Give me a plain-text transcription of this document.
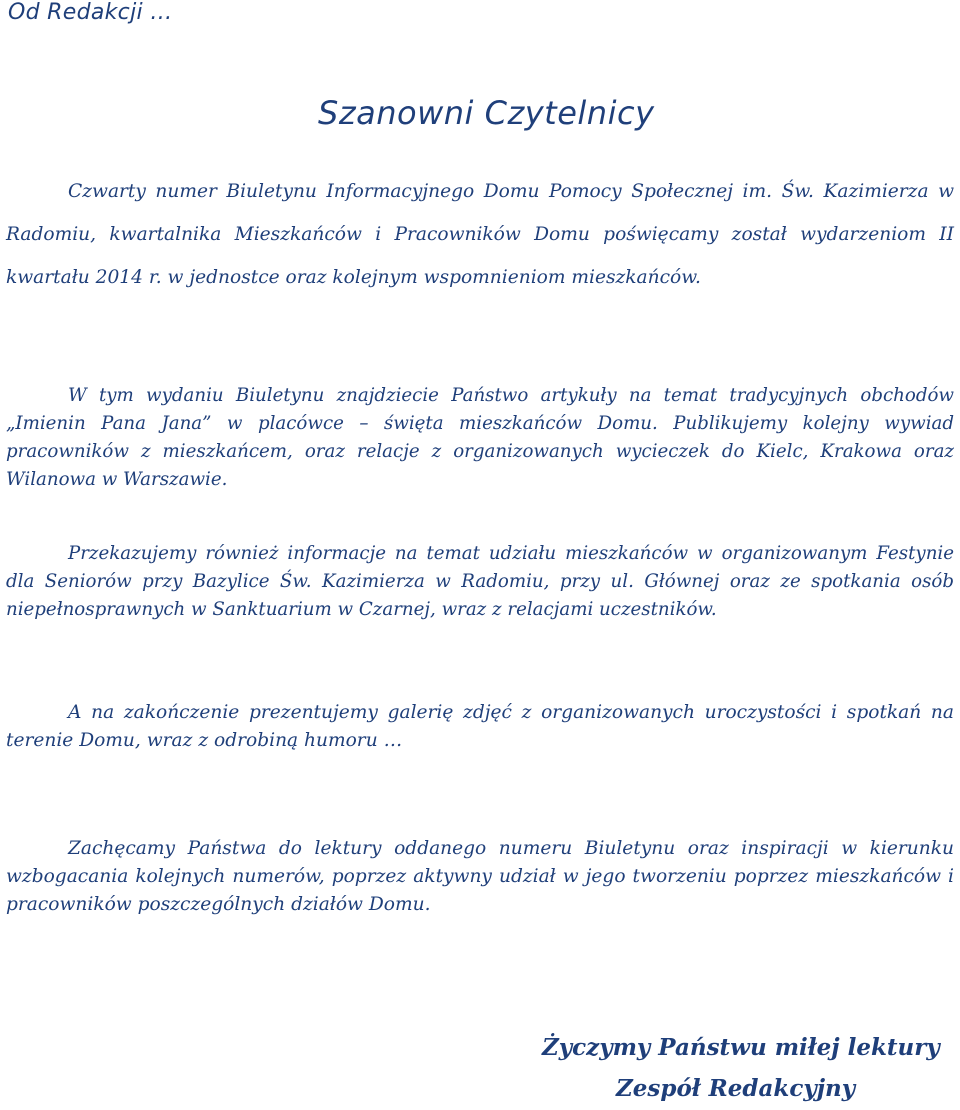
Od Redakcji …
Szanowni Czytelnicy

Czwarty numer Biuletynu Informacyjnego Domu Pomocy Społecznej im. Św. Kazimierza w Radomiu, kwartalnika Mieszkańców i Pracowników Domu poświęcamy został wydarzeniom II kwartału 2014 r. w jednostce oraz kolejnym wspomnieniom mieszkańców.

W tym wydaniu Biuletynu znajdziecie Państwo artykuły na temat tradycyjnych obchodów „Imienin Pana Jana” w placówce – święta mieszkańców Domu. Publikujemy kolejny wywiad pracowników z mieszkańcem, oraz relacje z organizowanych wycieczek do Kielc, Krakowa oraz Wilanowa w Warszawie.

Przekazujemy również informacje na temat udziału mieszkańców w organizowanym Festynie dla Seniorów przy Bazylice Św. Kazimierza w Radomiu, przy ul. Głównej oraz ze spotkania osób niepełnosprawnych w Sanktuarium w Czarnej, wraz z relacjami uczestników.

A na zakończenie prezentujemy galerię zdjęć z organizowanych uroczystości i spotkań na terenie Domu, wraz z odrobiną humoru …

Zachęcamy Państwa do lektury oddanego numeru Biuletynu oraz inspiracji w kierunku wzbogacania kolejnych numerów, poprzez aktywny udział w jego tworzeniu poprzez mieszkańców i pracowników poszczególnych działów Domu.

Życzymy Państwu miłej lektury
Zespół Redakcyjny
